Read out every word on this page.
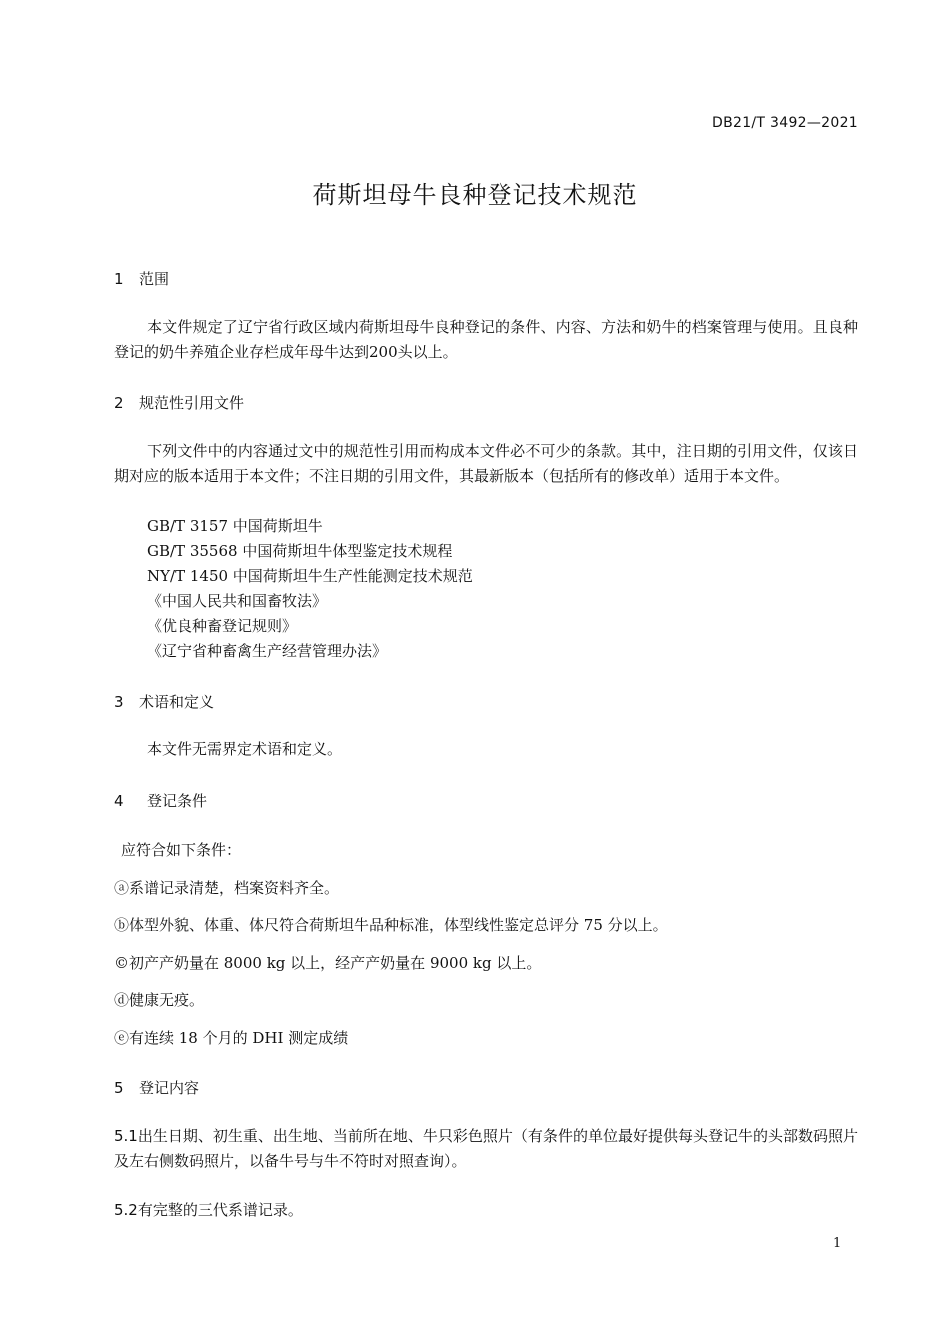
DB21/T 3492—2021
荷斯坦母牛良种登记技术规范
1 范围
本文件规定了辽宁省行政区域内荷斯坦母牛良种登记的条件、内容、方法和奶牛的档案管理与使用。且良种登记的奶牛养殖企业存栏成年母牛达到200头以上。
2 规范性引用文件
下列文件中的内容通过文中的规范性引用而构成本文件必不可少的条款。其中，注日期的引用文件，仅该日期对应的版本适用于本文件；不注日期的引用文件，其最新版本（包括所有的修改单）适用于本文件。
GB/T 3157 中国荷斯坦牛
GB/T 35568 中国荷斯坦牛体型鉴定技术规程
NY/T 1450 中国荷斯坦牛生产性能测定技术规范
《中国人民共和国畜牧法》
《优良种畜登记规则》
《辽宁省种畜禽生产经营管理办法》
3 术语和定义
本文件无需界定术语和定义。
4 登记条件
应符合如下条件：
ⓐ系谱记录清楚，档案资料齐全。
ⓑ体型外貌、体重、体尺符合荷斯坦牛品种标准，体型线性鉴定总评分 75 分以上。
©初产产奶量在 8000 kg 以上，经产产奶量在 9000 kg 以上。
ⓓ健康无疫。
ⓔ有连续 18 个月的 DHI 测定成绩
5 登记内容
5.1出生日期、初生重、出生地、当前所在地、牛只彩色照片（有条件的单位最好提供每头登记牛的头部数码照片及左右侧数码照片，以备牛号与牛不符时对照查询）。
5.2有完整的三代系谱记录。
1
